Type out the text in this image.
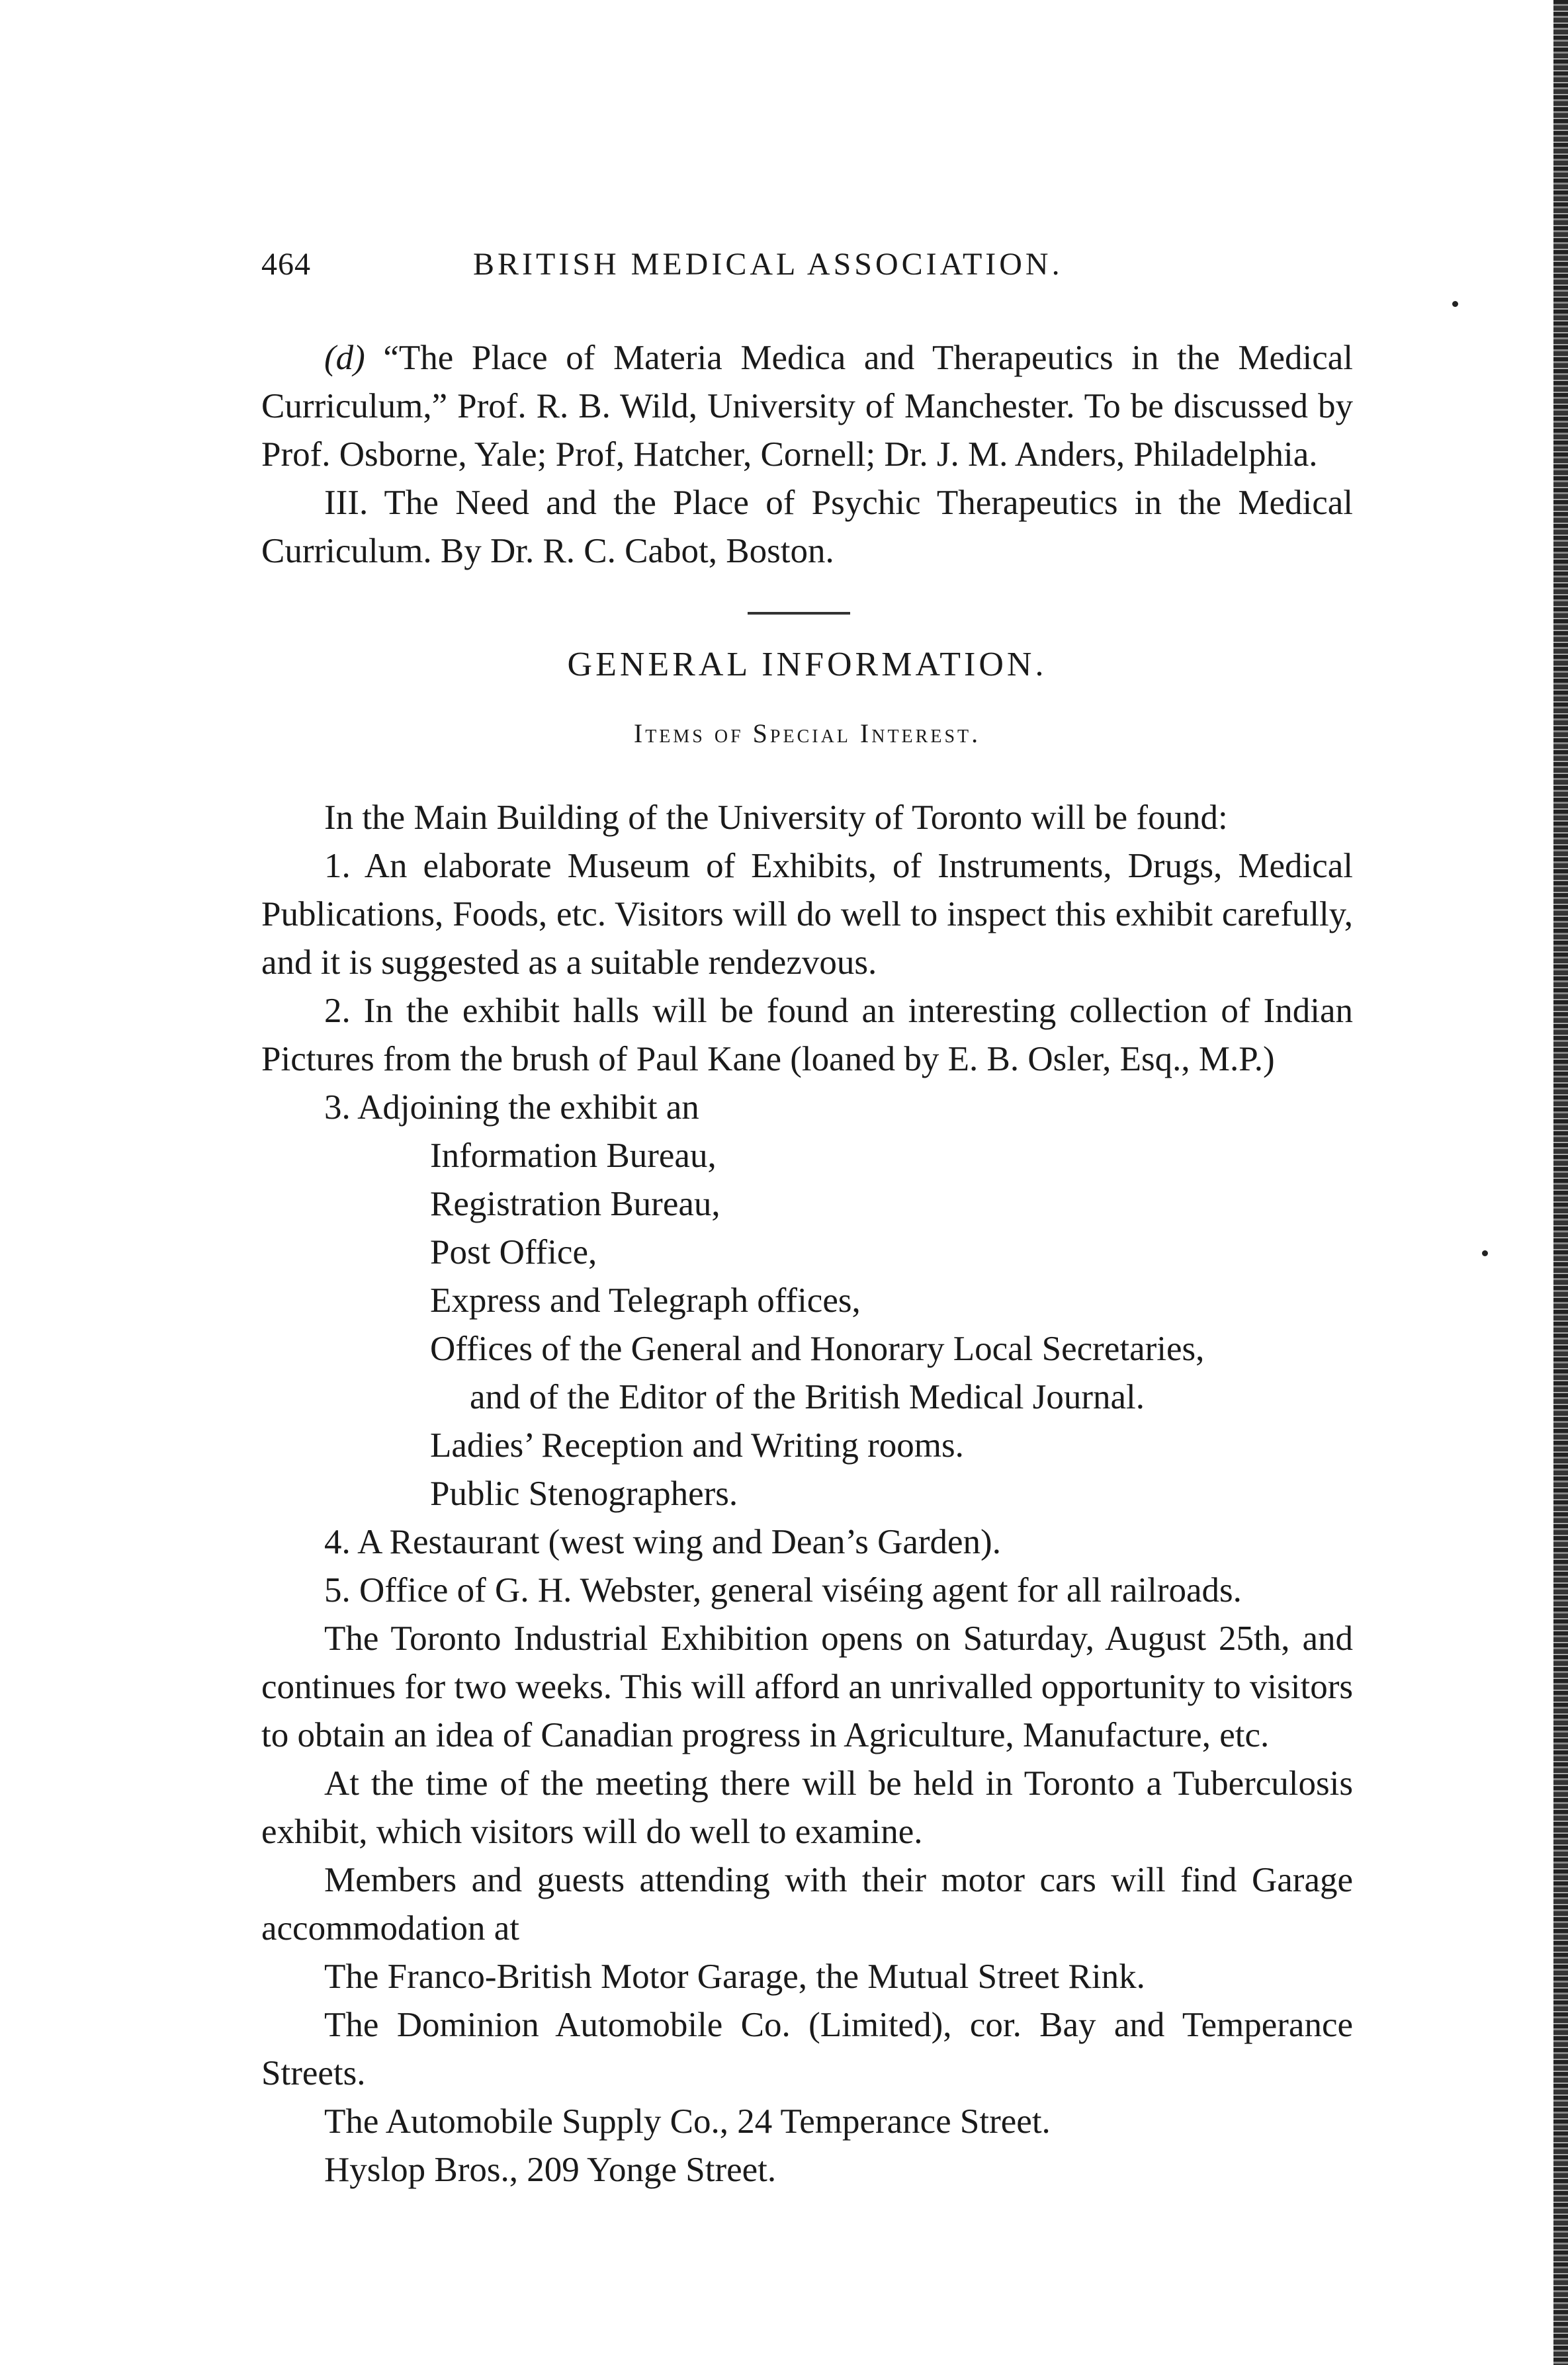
464	BRITISH MEDICAL ASSOCIATION.

(d) “The Place of Materia Medica and Therapeutics in the Medical Curriculum,” Prof. R. B. Wild, University of Manchester. To be discussed by Prof. Osborne, Yale; Prof, Hatcher, Cornell; Dr. J. M. Anders, Philadelphia.

III. The Need and the Place of Psychic Therapeutics in the Medical Curriculum. By Dr. R. C. Cabot, Boston.

GENERAL INFORMATION.
Items of Special Interest.

In the Main Building of the University of Toronto will be found:

1. An elaborate Museum of Exhibits, of Instruments, Drugs, Medical Publications, Foods, etc. Visitors will do well to inspect this exhibit carefully, and it is suggested as a suitable rendezvous.

2. In the exhibit halls will be found an interesting collection of Indian Pictures from the brush of Paul Kane (loaned by E. B. Osler, Esq., M.P.)

3. Adjoining the exhibit an

Information Bureau,

Registration Bureau,

Post Office,

Express and Telegraph offices,

Offices of the General and Honorary Local Secretaries,

and of the Editor of the British Medical Journal.

Ladies’ Reception and Writing rooms.

Public Stenographers.

4. A Restaurant (west wing and Dean’s Garden).

5. Office of G. H. Webster, general viséing agent for all railroads.

The Toronto Industrial Exhibition opens on Saturday, August 25th, and continues for two weeks. This will afford an unrivalled opportunity to visitors to obtain an idea of Canadian progress in Agriculture, Manufacture, etc.

At the time of the meeting there will be held in Toronto a Tuberculosis exhibit, which visitors will do well to examine.

Members and guests attending with their motor cars will find Garage accommodation at

The Franco-British Motor Garage, the Mutual Street Rink.

The Dominion Automobile Co. (Limited), cor. Bay and Temperance Streets.

The Automobile Supply Co., 24 Temperance Street.

Hyslop Bros., 209 Yonge Street.
